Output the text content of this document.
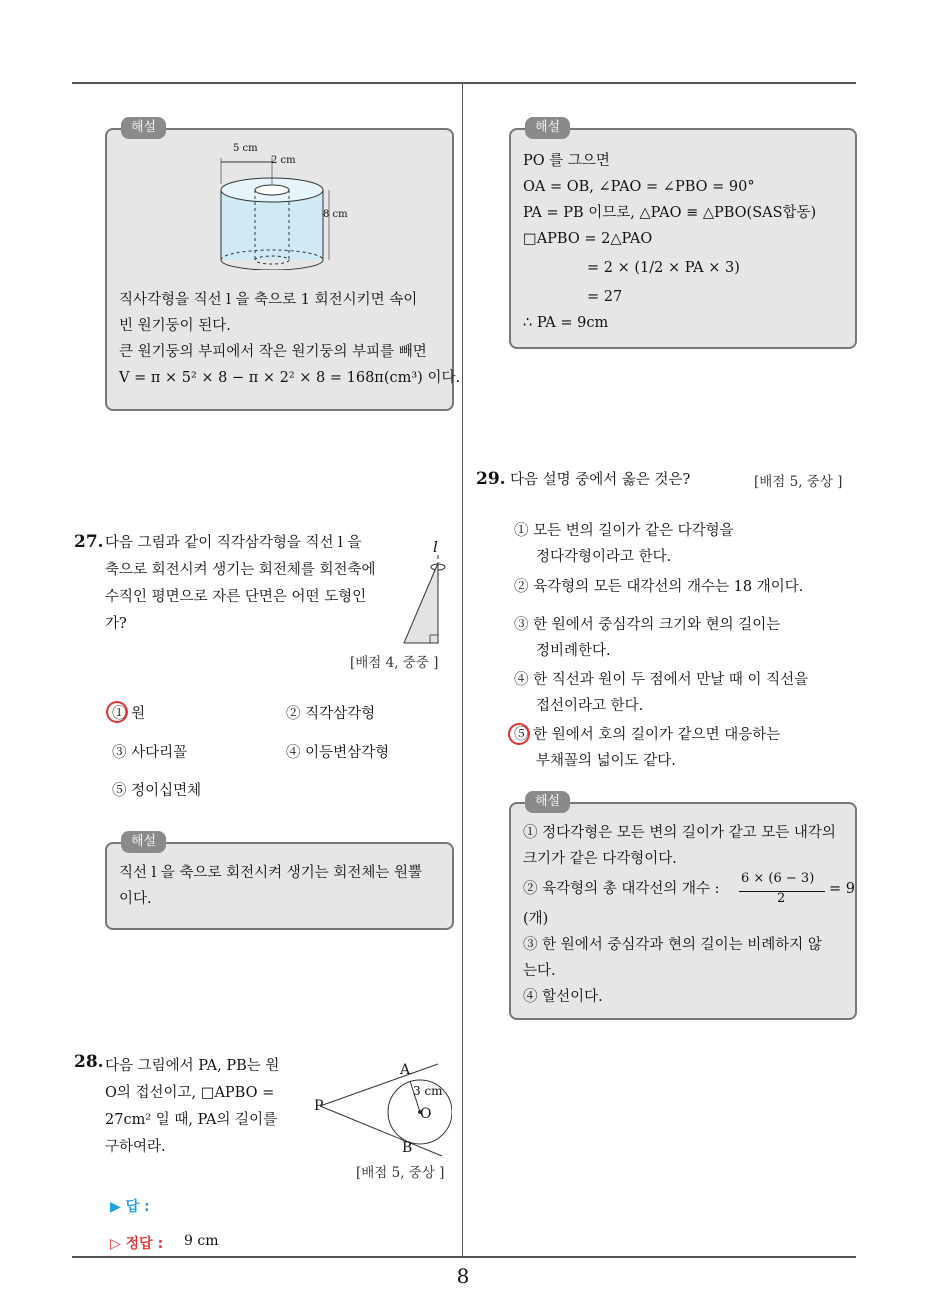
8
해설
5 cm
2 cm
8 cm
직사각형을 직선 l 을 축으로 1 회전시키면 속이
빈 원기둥이 된다.
큰 원기둥의 부피에서 작은 원기둥의 부피를 빼면
V = π × 5² × 8 − π × 2² × 8 = 168π(cm³) 이다.
27. 다음 그림과 같이 직각삼각형을 직선 l 을
축으로 회전시켜 생기는 회전체를 회전축에
수직인 평면으로 자른 단면은 어떤 도형인
가?
l
[배점 4, 중중 ]
① 원	② 직각삼각형
③ 사다리꼴	④ 이등변삼각형
⑤ 정이십면체
해설
직선 l 을 축으로 회전시켜 생기는 회전체는 원뿔
이다.
28. 다음 그림에서 PA, PB는 원
O의 접선이고, □APBO =
27cm² 일 때, PA의 길이를
구하여라.
A
B
P	O
3 cm
[배점 5, 중상 ]
▶ 답 :
▷ 정답 : 9 cm
해설
PO 를 그으면
OA = OB, ∠PAO = ∠PBO = 90°
PA = PB 이므로, △PAO ≡ △PBO(SAS합동)
□APBO = 2△PAO
= 2 × (1/2 × PA × 3)
= 27
∴ PA = 9cm
29. 다음 설명 중에서 옳은 것은?	[배점 5, 중상 ]
① 모든 변의 길이가 같은 다각형을
정다각형이라고 한다.
② 육각형의 모든 대각선의 개수는 18 개이다.
③ 한 원에서 중심각의 크기와 현의 길이는
정비례한다.
④ 한 직선과 원이 두 점에서 만날 때 이 직선을
접선이라고 한다.
⑤ 한 원에서 호의 길이가 같으면 대응하는
부채꼴의 넓이도 같다.
해설
① 정다각형은 모든 변의 길이가 같고 모든 내각의
크기가 같은 다각형이다.
② 육각형의 총 대각선의 개수 :
6 × (6 − 3)
2
= 9
(개)
③ 한 원에서 중심각과 현의 길이는 비례하지 않
는다.
④ 할선이다.
